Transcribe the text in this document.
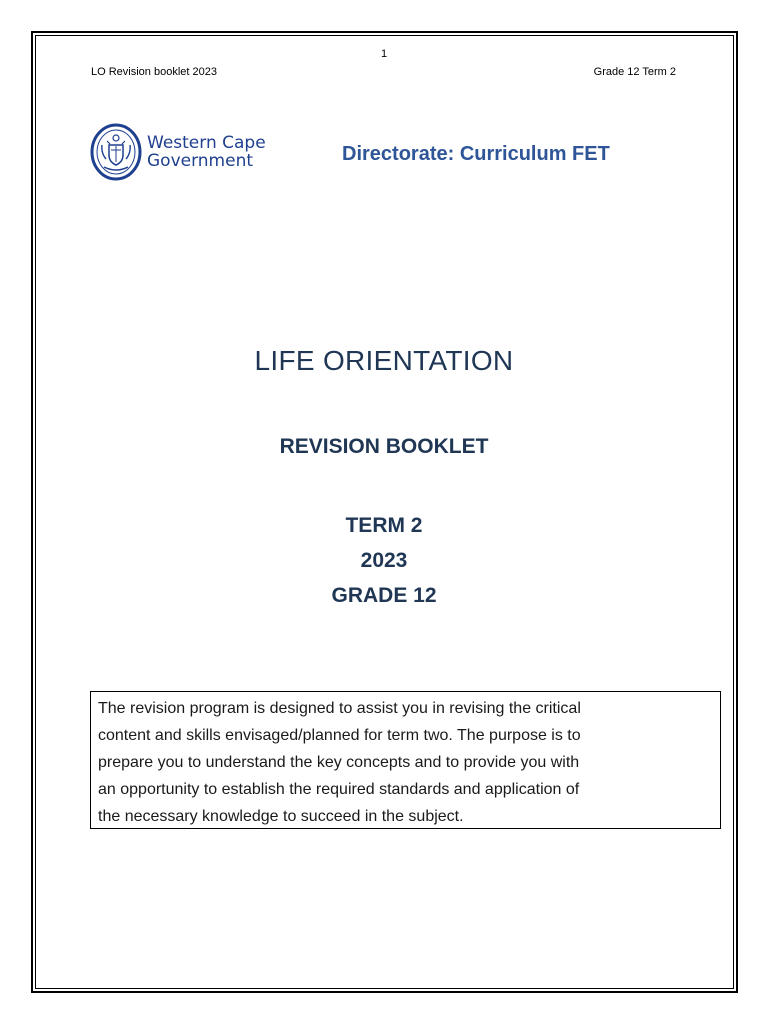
1
LO Revision booklet 2023	Grade 12 Term 2
Western Cape
Government	Directorate: Curriculum FET
LIFE ORIENTATION
REVISION BOOKLET
TERM 2
2023
GRADE 12
The revision program is designed to assist you in revising the critical
content and skills envisaged/planned for term two. The purpose is to
prepare you to understand the key concepts and to provide you with
an opportunity to establish the required standards and application of
the necessary knowledge to succeed in the subject.
